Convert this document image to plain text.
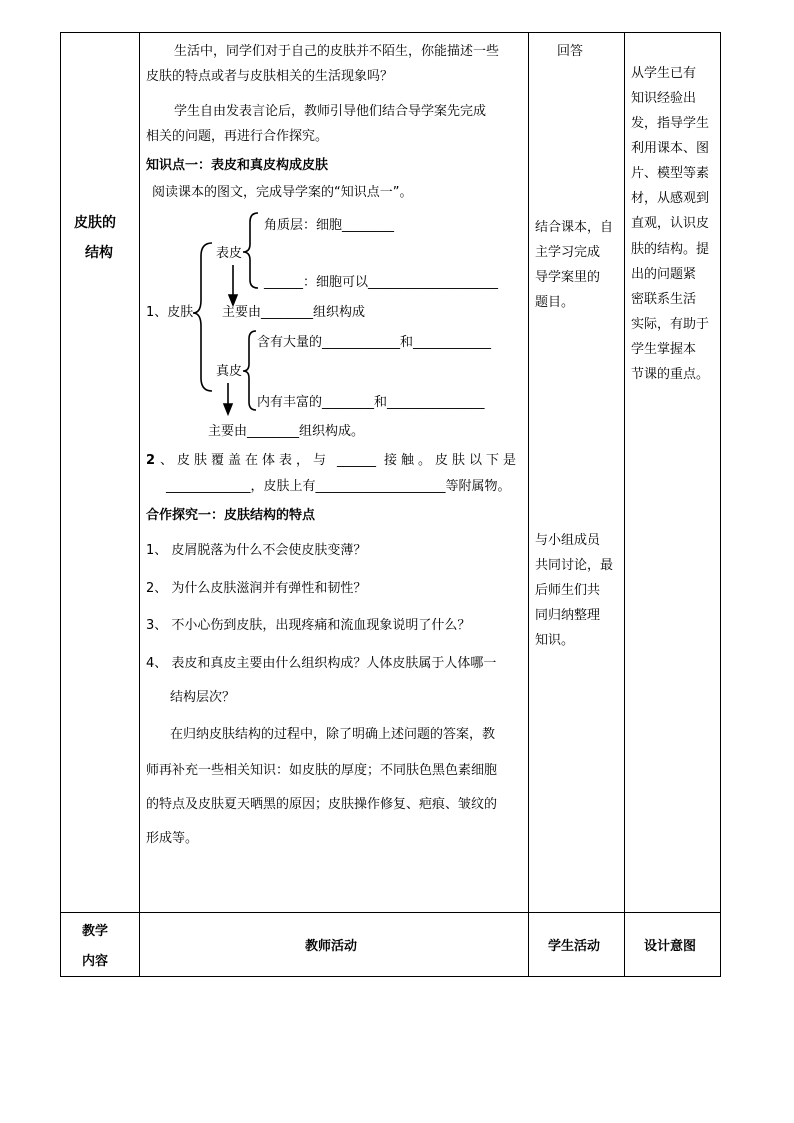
皮肤的
结构
生活中，同学们对于自己的皮肤并不陌生，你能描述一些
皮肤的特点或者与皮肤相关的生活现象吗？
学生自由发表言论后，教师引导他们结合导学案先完成
相关的问题，再进行合作探究。
知识点一：表皮和真皮构成皮肤
阅读课本的图文，完成导学案的“知识点一”。
1、皮肤
表皮
角质层：细胞________
______：细胞可以____________________
主要由________组织构成
真皮
含有大量的____________和____________
内有丰富的________和_______________
主要由________组织构成。
2 、皮肤覆盖在体表，与 ______ 接触。皮肤以下是
_____________，皮肤上有____________________等附属物。
合作探究一：皮肤结构的特点
1、 皮屑脱落为什么不会使皮肤变薄？
2、 为什么皮肤滋润并有弹性和韧性？
3、 不小心伤到皮肤，出现疼痛和流血现象说明了什么？
4、 表皮和真皮主要由什么组织构成？人体皮肤属于人体哪一
结构层次？
在归纳皮肤结构的过程中，除了明确上述问题的答案，教
师再补充一些相关知识：如皮肤的厚度；不同肤色黑色素细胞
的特点及皮肤夏天晒黑的原因；皮肤操作修复、疤痕、皱纹的
形成等。
回答
结合课本，自
主学习完成
导学案里的
题目。
与小组成员
共同讨论，最
后师生们共
同归纳整理
知识。
从学生已有
知识经验出
发，指导学生
利用课本、图
片、模型等素
材，从感观到
直观，认识皮
肤的结构。提
出的问题紧
密联系生活
实际，有助于
学生掌握本
节课的重点。
教学
内容
教师活动	学生活动	设计意图
